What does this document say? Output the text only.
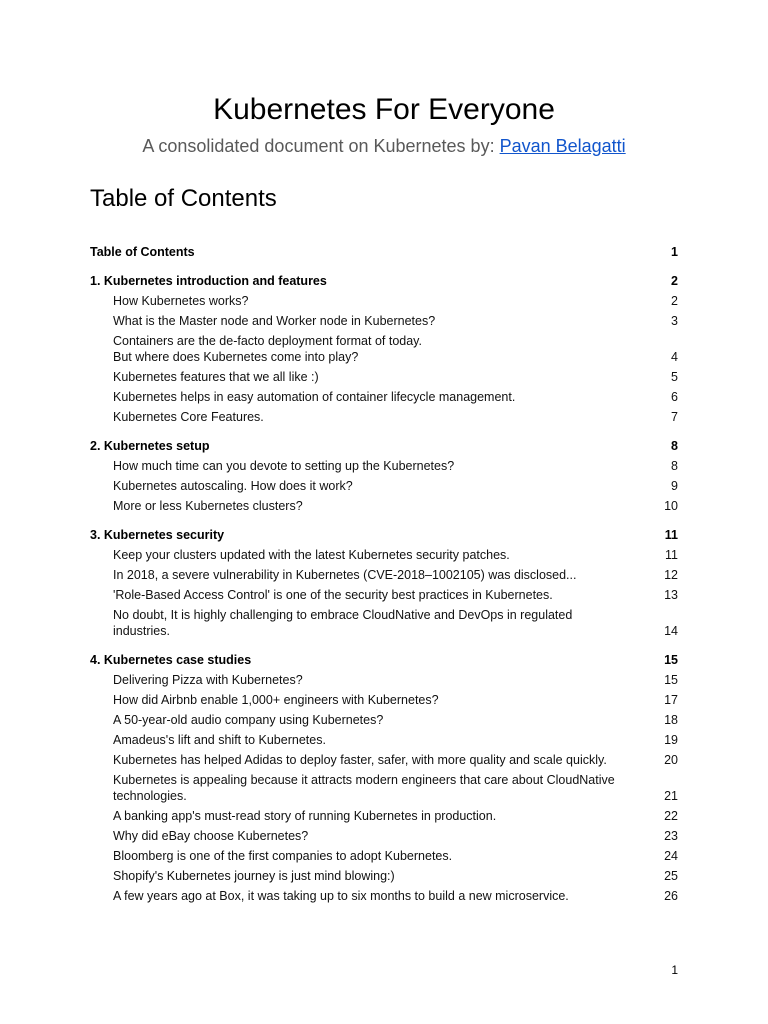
Kubernetes For Everyone
A consolidated document on Kubernetes by: Pavan Belagatti
Table of Contents
Table of Contents	1
1. Kubernetes introduction and features	2
How Kubernetes works?	2
What is the Master node and Worker node in Kubernetes?	3
Containers are the de-facto deployment format of today.
But where does Kubernetes come into play?	4
Kubernetes features that we all like :)	5
Kubernetes helps in easy automation of container lifecycle management.	6
Kubernetes Core Features.	7
2. Kubernetes setup	8
How much time can you devote to setting up the Kubernetes?	8
Kubernetes autoscaling. How does it work?	9
More or less Kubernetes clusters?	10
3. Kubernetes security	11
Keep your clusters updated with the latest Kubernetes security patches.	11
In 2018, a severe vulnerability in Kubernetes (CVE-2018–1002105) was disclosed...	12
'Role-Based Access Control' is one of the security best practices in Kubernetes.	13
No doubt, It is highly challenging to embrace CloudNative and DevOps in regulated
industries.	14
4. Kubernetes case studies	15
Delivering Pizza with Kubernetes?	15
How did Airbnb enable 1,000+ engineers with Kubernetes?	17
A 50-year-old audio company using Kubernetes?	18
Amadeus's lift and shift to Kubernetes.	19
Kubernetes has helped Adidas to deploy faster, safer, with more quality and scale quickly.	20
Kubernetes is appealing because it attracts modern engineers that care about CloudNative
technologies.	21
A banking app's must-read story of running Kubernetes in production.	22
Why did eBay choose Kubernetes?	23
Bloomberg is one of the first companies to adopt Kubernetes.	24
Shopify's Kubernetes journey is just mind blowing:)	25
A few years ago at Box, it was taking up to six months to build a new microservice.	26
1
